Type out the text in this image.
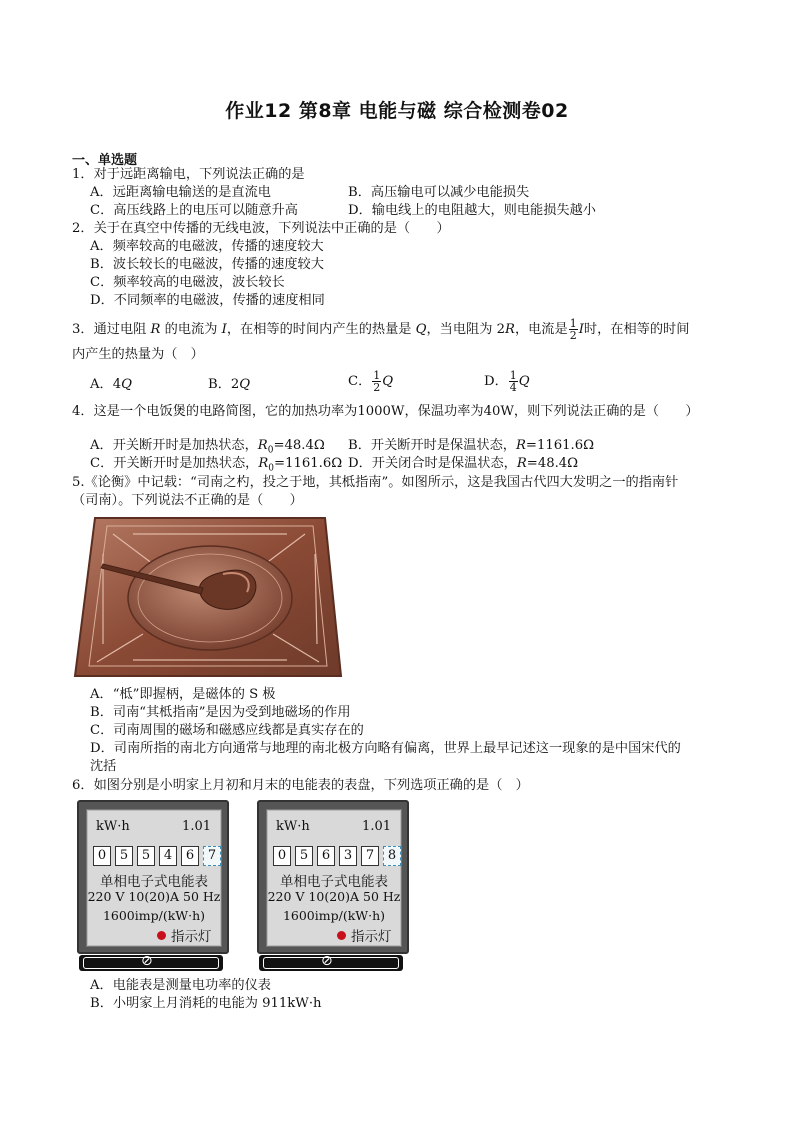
作业12 第8章 电能与磁 综合检测卷02
一、单选题
1．对于远距离输电，下列说法正确的是
A．远距离输电输送的是直流电	B．高压输电可以减少电能损失
C．高压线路上的电压可以随意升高	D．输电线上的电阻越大，则电能损失越小
2．关于在真空中传播的无线电波，下列说法中正确的是（　　）
A．频率较高的电磁波，传播的速度较大
B．波长较长的电磁波，传播的速度较大
C．频率较高的电磁波，波长较长
D．不同频率的电磁波，传播的速度相同
3．通过电阻 R 的电流为 I，在相等的时间内产生的热量是 Q，当电阻为 2R，电流是 $\frac{1}{2}$ I时，在相等的时间
内产生的热量为（　）
A．4Q	B．2Q	C． $\frac{1}{2}$ Q	D． $\frac{1}{4}$ Q
4．这是一个电饭煲的电路简图，它的加热功率为1000W，保温功率为40W，则下列说法正确的是（　　）
A．开关断开时是加热状态，$R_0=48.4\Omega$ B．开关断开时是保温状态，R=1161.6Ω
C．开关断开时是加热状态，$R_0=1161.6\Omega$ D．开关闭合时是保温状态，R=48.4Ω
5.《论衡》中记载：“司南之杓，投之于地，其柢指南”。如图所示，这是我国古代四大发明之一的指南针
（司南）。下列说法不正确的是（　　）
A．“柢”即握柄，是磁体的 S 极
B．司南“其柢指南”是因为受到地磁场的作用
C．司南周围的磁场和磁感应线都是真实存在的
D．司南所指的南北方向通常与地理的南北极方向略有偏离，世界上最早记述这一现象的是中国宋代的
沈括
6．如图分别是小明家上月初和月末的电能表的表盘，下列选项正确的是（　）
kW·h	1.01
0	5	5	4	6	7
单相电子式电能表
220 V 10(20)A 50 Hz
1600imp/(kW·h)
指示灯
⊘
kW·h	1.01
0	5	6	3	7	8
单相电子式电能表
220 V 10(20)A 50 Hz
1600imp/(kW·h)
指示灯
⊘
A．电能表是测量电功率的仪表
B．小明家上月消耗的电能为 911kW·h
